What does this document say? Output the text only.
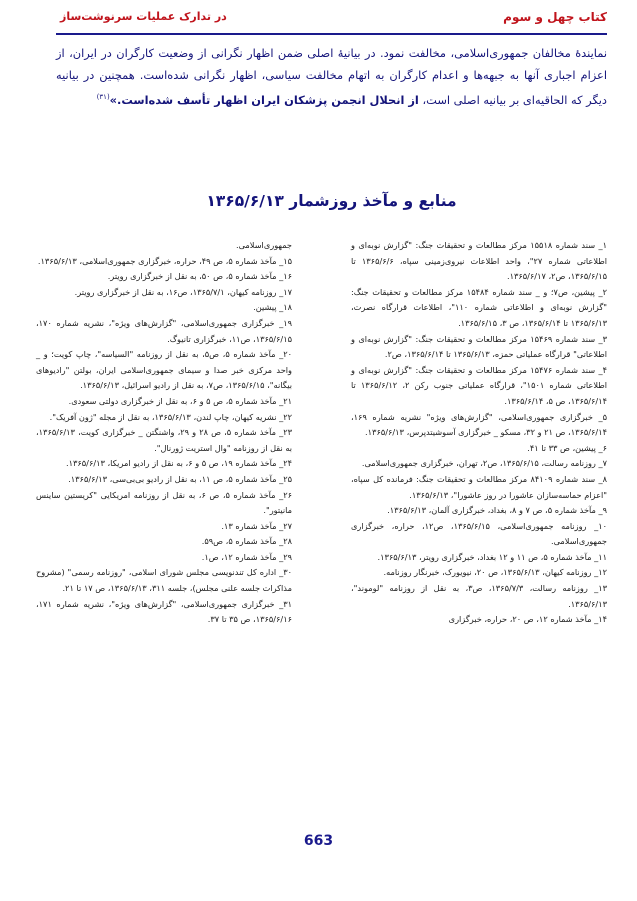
کتاب چهل و سوم
در تدارک عملیات سرنوشت‌ساز

نمایندهٔ مخالفان جمهوری‌اسلامی، مخالفت نمود. در بیانیهٔ اصلی ضمن اظهار نگرانی از وضعیت کارگران در ایران، از اعزام اجباری آنها به جبهه‌ها و اعدام کارگران به اتهام مخالفت سیاسی، اظهار نگرانی شده‌است. همچنین در بیانیه دیگر که الحاقیه‌ای بر بیانیه اصلی است، از انحلال انجمن پزشکان ایران اظهار تأسف شده‌است.»$^{(۳۱)}$

منابع و مآخذ روزشمار ۱۳۶۵/۶/۱۳

۱_ سند شماره ۱۵۵۱۸ مرکز مطالعات و تحقیقات جنگ: "گزارش نوبه‌ای و اطلاعاتی شماره ۲۷"، واحد اطلاعات نیروی‌زمینی سپاه، ۱۳۶۵/۶/۶ تا ۱۳۶۵/۶/۱۵، ص۲، ۱۳۶۵/۶/۱۷.

۲_ پیشین، ص۷؛ و _ سند شماره ۱۵۴۸۴ مرکز مطالعات و تحقیقات جنگ: "گزارش نوبه‌ای و اطلاعاتی شماره ۱۱۰"، اطلاعات قرارگاه نصرت، ۱۳۶۵/۶/۱۳ تا ۱۳۶۵/۶/۱۴، ص ۳، ۱۳۶۵/۶/۱۵.

۳_ سند شماره ۱۵۴۶۹ مرکز مطالعات و تحقیقات جنگ: "گزارش نوبه‌ای و اطلاعاتی" قرارگاه عملیاتی حمزه، ۱۳۶۵/۶/۱۳ تا ۱۳۶۵/۶/۱۴، ص۲.

۴_ سند شماره ۱۵۴۷۶ مرکز مطالعات و تحقیقات جنگ: "گزارش نوبه‌ای و اطلاعاتی شماره ۱۵۰۱"، قرارگاه عملیاتی جنوب رکن ۲، ۱۳۶۵/۶/۱۲ تا ۱۳۶۵/۶/۱۴، ص ۵، ۱۳۶۵/۶/۱۴.

۵_ خبرگزاری جمهوری‌اسلامی، "گزارش‌های ویژه" نشریه شماره ۱۶۹، ۱۳۶۵/۶/۱۴، ص ۲۱ و ۳۲، مسکو _ خبرگزاری آسوشیتدپرس، ۱۳۶۵/۶/۱۳.

۶_ پیشین، ص ۳۳ تا ۴۱.

۷_ روزنامه رسالت، ۱۳۶۵/۶/۱۵، ص۲، تهران، خبرگزاری جمهوری‌اسلامی.

۸_ سند شماره ۸۴۱۰۹ مرکز مطالعات و تحقیقات جنگ: فرمانده کل سپاه، "اعزام حماسه‌سازان عاشورا در روز عاشورا"، ۱۳۶۵/۶/۱۳.

۹_ مآخذ شماره ۵، ص ۷ و ۸، بغداد، خبرگزاری آلمان، ۱۳۶۵/۶/۱۳.

۱۰_ روزنامه جمهوری‌اسلامی، ۱۳۶۵/۶/۱۵، ص۱۲، حراره، خبرگزاری جمهوری‌اسلامی.

۱۱_ مآخذ شماره ۵، ص ۱۱ و ۱۲ بغداد، خبرگزاری رویتر، ۱۳۶۵/۶/۱۳.

۱۲_ روزنامه کیهان، ۱۳۶۵/۶/۱۳، ص ۲۰، نیویورک، خبرنگار روزنامه.

۱۳_ روزنامه رسالت، ۱۳۶۵/۷/۳، ص۳، به نقل از روزنامه "لوموند"، ۱۳۶۵/۶/۱۳.

۱۴_ مآخذ شماره ۱۲، ص ۲۰، حراره، خبرگزاری

جمهوری‌اسلامی.

۱۵_ مآخذ شماره ۵، ص ۴۹، حراره، خبرگزاری جمهوری‌اسلامی، ۱۳۶۵/۶/۱۳.

۱۶_ مآخذ شماره ۵، ص ۵۰، به نقل از خبرگزاری رویتر.

۱۷_ روزنامه کیهان، ۱۳۶۵/۷/۱، ص۱۶، به نقل از خبرگزاری رویتر.

۱۸_ پیشین.

۱۹_ خبرگزاری جمهوری‌اسلامی، "گزارش‌های ویژه"، نشریه شماره ۱۷۰، ۱۳۶۵/۶/۱۵، ص۱۱، خبرگزاری تانیوگ.

۲۰_ مآخذ شماره ۵، ص۵، به نقل از روزنامه "السیاسه"، چاپ کویت؛ و _ واحد مرکزی خبر صدا و سیمای جمهوری‌اسلامی ایران، بولتن "رادیوهای بیگانه"، ۱۳۶۵/۶/۱۵، ص۷، به نقل از رادیو اسرائیل، ۱۳۶۵/۶/۱۳.

۲۱_ مآخذ شماره ۵، ص ۵ و ۶، به نقل از خبرگزاری دولتی سعودی.

۲۲_ نشریه کیهان، چاپ لندن، ۱۳۶۵/۶/۱۳، به نقل از مجله "ژون آفریک".

۲۳_ مآخذ شماره ۵، ص ۲۸ و ۲۹، واشنگتن _ خبرگزاری کویت، ۱۳۶۵/۶/۱۳، به نقل از روزنامه "وال استریت ژورنال".

۲۴_ مآخذ شماره ۱۹، ص ۵ و ۶، به نقل از رادیو امریکا، ۱۳۶۵/۶/۱۳.

۲۵_ مآخذ شماره ۵، ص ۱۱، به نقل از رادیو بی‌بی‌سی، ۱۳۶۵/۶/۱۳.

۲۶_ مآخذ شماره ۵، ص ۶، به نقل از روزنامه امریکایی "کریستین ساینس مانیتور".

۲۷_ مآخذ شماره ۱۳.

۲۸_ مآخذ شماره ۵، ص۵۹.

۲۹_ مآخذ شماره ۱۲، ص۱.

۳۰_ اداره کل تندنویسی مجلس شورای اسلامی، "روزنامه رسمی" (مشروح مذاکرات جلسه علنی مجلس)، جلسه ۳۱۱، ۱۳۶۵/۶/۱۳، ص ۱۷ تا ۲۱.

۳۱_ خبرگزاری جمهوری‌اسلامی، "گزارش‌های ویژه"، نشریه شماره ۱۷۱، ۱۳۶۵/۶/۱۶، ص ۳۵ تا ۳۷.

663
